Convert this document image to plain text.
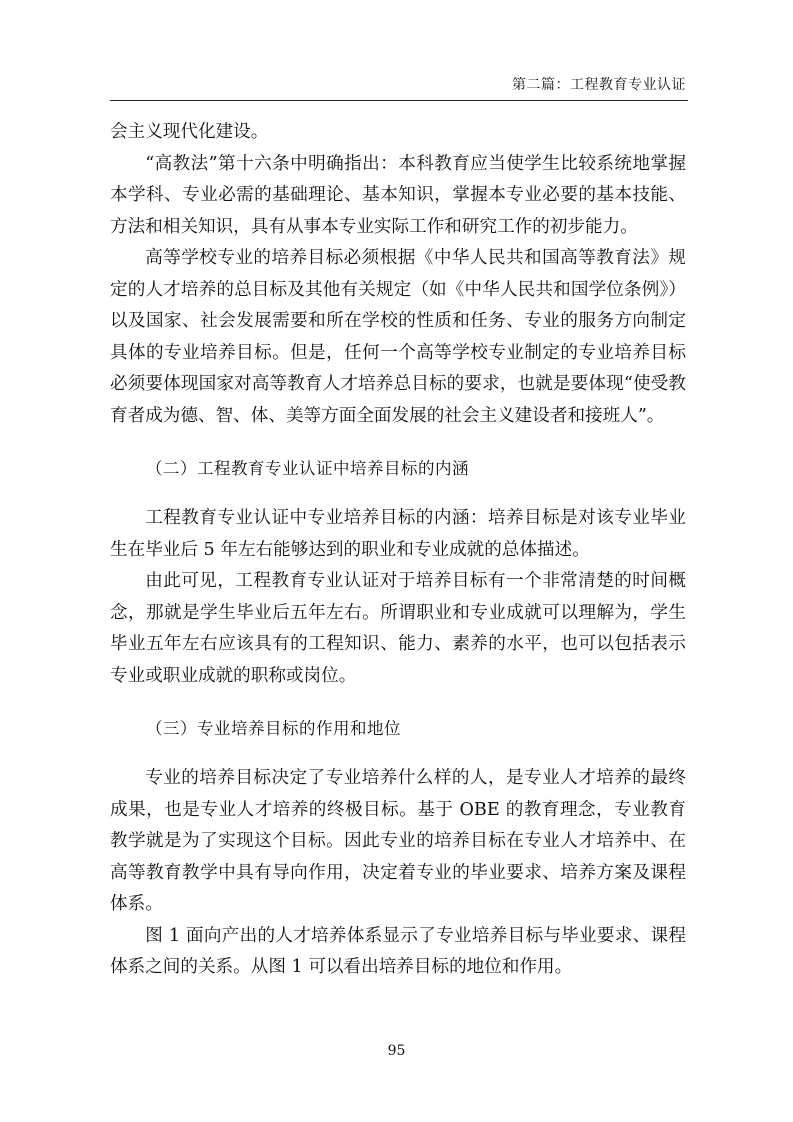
第二篇：工程教育专业认证

会主义现代化建设。

“高教法”第十六条中明确指出：本科教育应当使学生比较系统地掌握本学科、专业必需的基础理论、基本知识，掌握本专业必要的基本技能、方法和相关知识，具有从事本专业实际工作和研究工作的初步能力。

高等学校专业的培养目标必须根据《中华人民共和国高等教育法》规定的人才培养的总目标及其他有关规定（如《中华人民共和国学位条例》）以及国家、社会发展需要和所在学校的性质和任务、专业的服务方向制定具体的专业培养目标。但是，任何一个高等学校专业制定的专业培养目标必须要体现国家对高等教育人才培养总目标的要求，也就是要体现“使受教育者成为德、智、体、美等方面全面发展的社会主义建设者和接班人”。

（二）工程教育专业认证中培养目标的内涵

工程教育专业认证中专业培养目标的内涵：培养目标是对该专业毕业生在毕业后 5 年左右能够达到的职业和专业成就的总体描述。

由此可见，工程教育专业认证对于培养目标有一个非常清楚的时间概念，那就是学生毕业后五年左右。所谓职业和专业成就可以理解为，学生毕业五年左右应该具有的工程知识、能力、素养的水平，也可以包括表示专业或职业成就的职称或岗位。

（三）专业培养目标的作用和地位

专业的培养目标决定了专业培养什么样的人，是专业人才培养的最终成果，也是专业人才培养的终极目标。基于 OBE 的教育理念，专业教育教学就是为了实现这个目标。因此专业的培养目标在专业人才培养中、在高等教育教学中具有导向作用，决定着专业的毕业要求、培养方案及课程体系。

图 1 面向产出的人才培养体系显示了专业培养目标与毕业要求、课程体系之间的关系。从图 1 可以看出培养目标的地位和作用。

95
